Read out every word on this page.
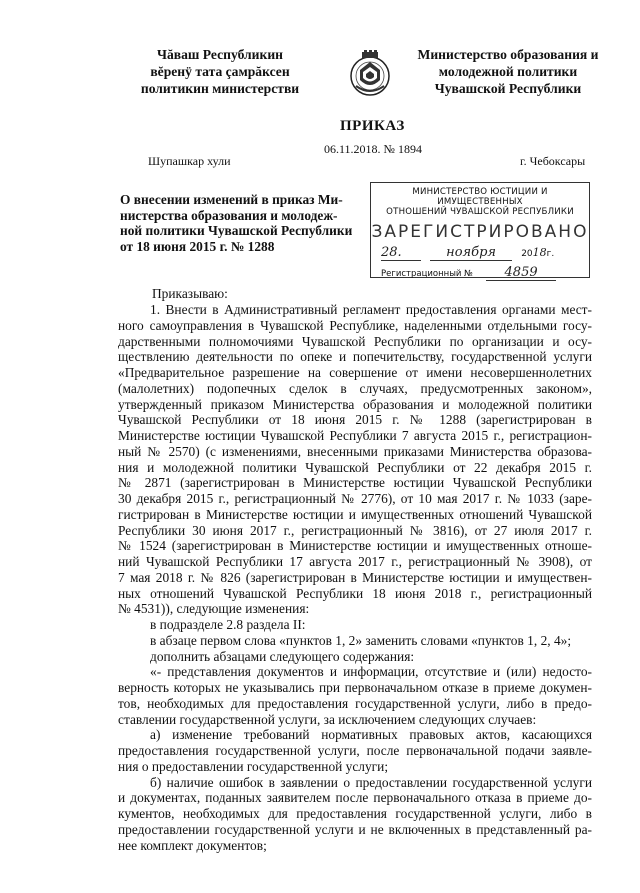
Чăваш Республикин
вĕренÿ тата çамрăксен
политикин министерстви
Министерство образования и
молодежной политики
Чувашской Республики
ПРИКАЗ
06.11.2018. № 1894
Шупашкар хули	г. Чебоксары
О внесении изменений в приказ Ми-
нистерства образования и молодеж-
ной политики Чувашской Республики
от 18 июня 2015 г. № 1288
МИНИСТЕРСТВО ЮСТИЦИИ И ИМУЩЕСТВЕННЫХ
ОТНОШЕНИЙ ЧУВАШСКОЙ РЕСПУБЛИКИ
ЗАРЕГИСТРИРОВАНО
28.	ноября	2018г.
Регистрационный № 4859
Приказываю:
1. Внести в Административный регламент предоставления органами мест-
ного самоуправления в Чувашской Республике, наделенными отдельными госу-
дарственными полномочиями Чувашской Республики по организации и осу-
ществлению деятельности по опеке и попечительству, государственной услуги
«Предварительное разрешение на совершение от имени несовершеннолетних
(малолетних) подопечных сделок в случаях, предусмотренных законом»,
утвержденный приказом Министерства образования и молодежной политики
Чувашской Республики от 18 июня 2015 г. № 1288 (зарегистрирован в
Министерстве юстиции Чувашской Республики 7 августа 2015 г., регистрацион-
ный № 2570) (с изменениями, внесенными приказами Министерства образова-
ния и молодежной политики Чувашской Республики от 22 декабря 2015 г.
№ 2871 (зарегистрирован в Министерстве юстиции Чувашской Республики
30 декабря 2015 г., регистрационный № 2776), от 10 мая 2017 г. № 1033 (заре-
гистрирован в Министерстве юстиции и имущественных отношений Чувашской
Республики 30 июня 2017 г., регистрационный № 3816), от 27 июля 2017 г.
№ 1524 (зарегистрирован в Министерстве юстиции и имущественных отноше-
ний Чувашской Республики 17 августа 2017 г., регистрационный № 3908), от
7 мая 2018 г. № 826 (зарегистрирован в Министерстве юстиции и имуществен-
ных отношений Чувашской Республики 18 июня 2018 г., регистрационный
№ 4531)), следующие изменения:
в подразделе 2.8 раздела II:
в абзаце первом слова «пунктов 1, 2» заменить словами «пунктов 1, 2, 4»;
дополнить абзацами следующего содержания:
«- представления документов и информации, отсутствие и (или) недосто-
верность которых не указывались при первоначальном отказе в приеме докумен-
тов, необходимых для предоставления государственной услуги, либо в предо-
ставлении государственной услуги, за исключением следующих случаев:
а) изменение требований нормативных правовых актов, касающихся
предоставления государственной услуги, после первоначальной подачи заявле-
ния о предоставлении государственной услуги;
б) наличие ошибок в заявлении о предоставлении государственной услуги
и документах, поданных заявителем после первоначального отказа в приеме до-
кументов, необходимых для предоставления государственной услуги, либо в
предоставлении государственной услуги и не включенных в представленный ра-
нее комплект документов;
